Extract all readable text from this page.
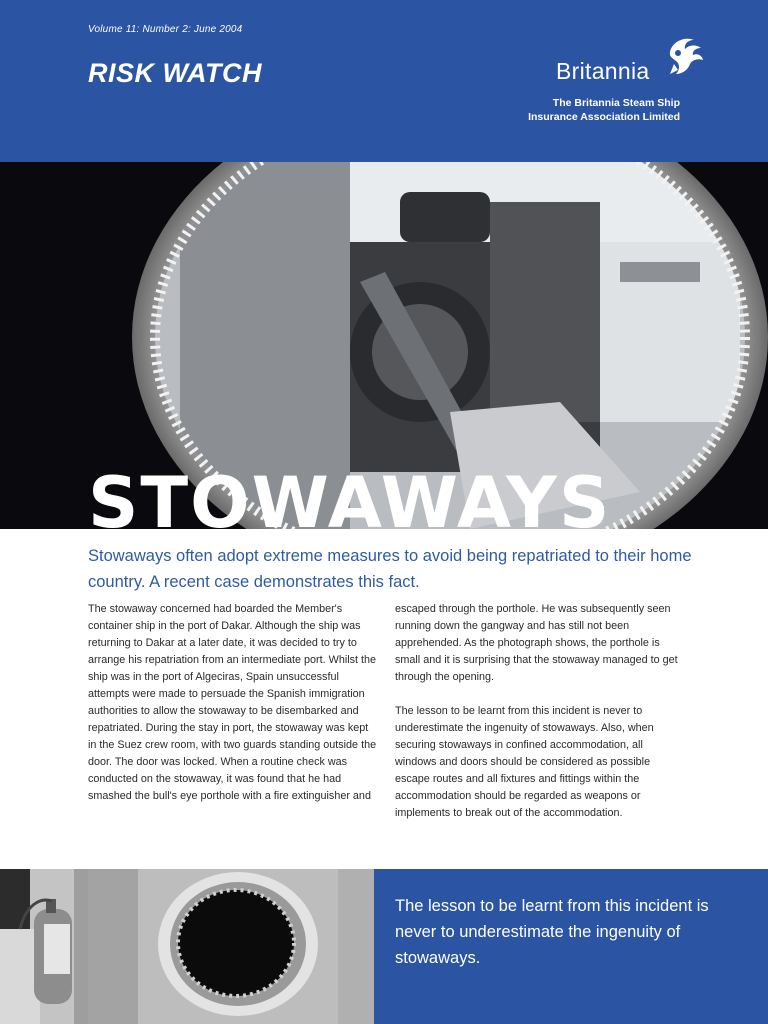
Volume 11: Number 2: June 2004
RISK WATCH	Britannia
The Britannia Steam Ship
Insurance Association Limited
STOWAWAYS
Stowaways often adopt extreme measures to avoid being repatriated to their home country. A recent case demonstrates this fact.

The stowaway concerned had boarded the Member's container ship in the port of Dakar. Although the ship was returning to Dakar at a later date, it was decided to try to arrange his repatriation from an intermediate port. Whilst the ship was in the port of Algeciras, Spain unsuccessful attempts were made to persuade the Spanish immigration authorities to allow the stowaway to be disembarked and repatriated. During the stay in port, the stowaway was kept in the Suez crew room, with two guards standing outside the door. The door was locked. When a routine check was conducted on the stowaway, it was found that he had smashed the bull's eye porthole with a fire extinguisher and

escaped through the porthole. He was subsequently seen running down the gangway and has still not been apprehended. As the photograph shows, the porthole is small and it is surprising that the stowaway managed to get through the opening.

The lesson to be learnt from this incident is never to underestimate the ingenuity of stowaways. Also, when securing stowaways in confined accommodation, all windows and doors should be considered as possible escape routes and all fixtures and fittings within the accommodation should be regarded as weapons or implements to break out of the accommodation.

The lesson to be learnt from this incident is never to underestimate the ingenuity of stowaways.
